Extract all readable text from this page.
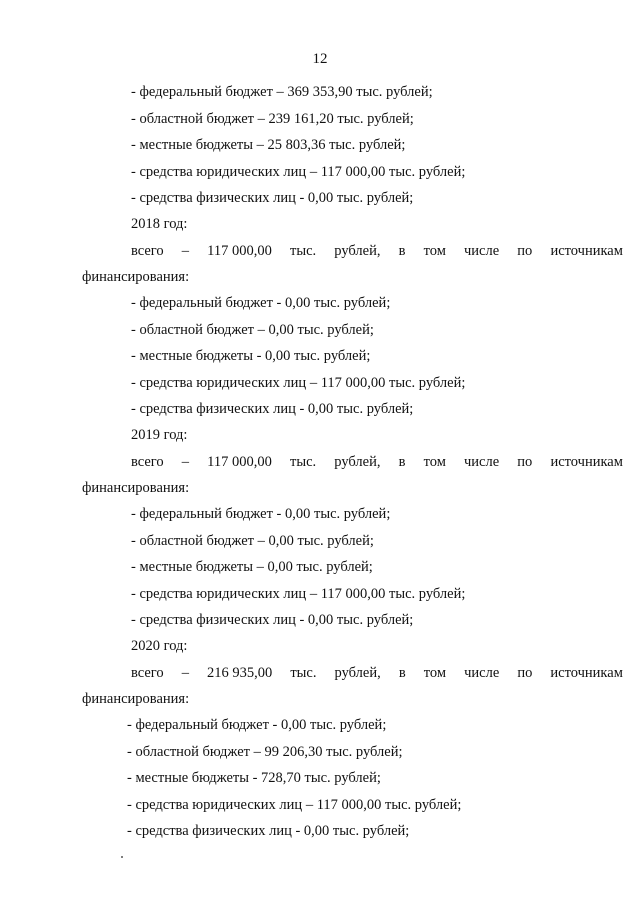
12
- федеральный бюджет – 369 353,90 тыс. рублей;
- областной бюджет – 239 161,20 тыс. рублей;
- местные бюджеты – 25 803,36 тыс. рублей;
- средства юридических лиц – 117 000,00 тыс. рублей;
- средства физических лиц - 0,00 тыс. рублей;
2018 год:
всего – 117 000,00 тыс. рублей, в том числе по источникам
финансирования:
- федеральный бюджет - 0,00 тыс. рублей;
- областной бюджет – 0,00 тыс. рублей;
- местные бюджеты - 0,00 тыс. рублей;
- средства юридических лиц – 117 000,00 тыс. рублей;
- средства физических лиц - 0,00 тыс. рублей;
2019 год:
всего – 117 000,00 тыс. рублей, в том числе по источникам
финансирования:
- федеральный бюджет - 0,00 тыс. рублей;
- областной бюджет – 0,00 тыс. рублей;
- местные бюджеты – 0,00 тыс. рублей;
- средства юридических лиц – 117 000,00 тыс. рублей;
- средства физических лиц - 0,00 тыс. рублей;
2020 год:
всего – 216 935,00 тыс. рублей, в том числе по источникам
финансирования:
- федеральный бюджет - 0,00 тыс. рублей;
- областной бюджет – 99 206,30 тыс. рублей;
- местные бюджеты - 728,70 тыс. рублей;
- средства юридических лиц – 117 000,00 тыс. рублей;
- средства физических лиц - 0,00 тыс. рублей;
